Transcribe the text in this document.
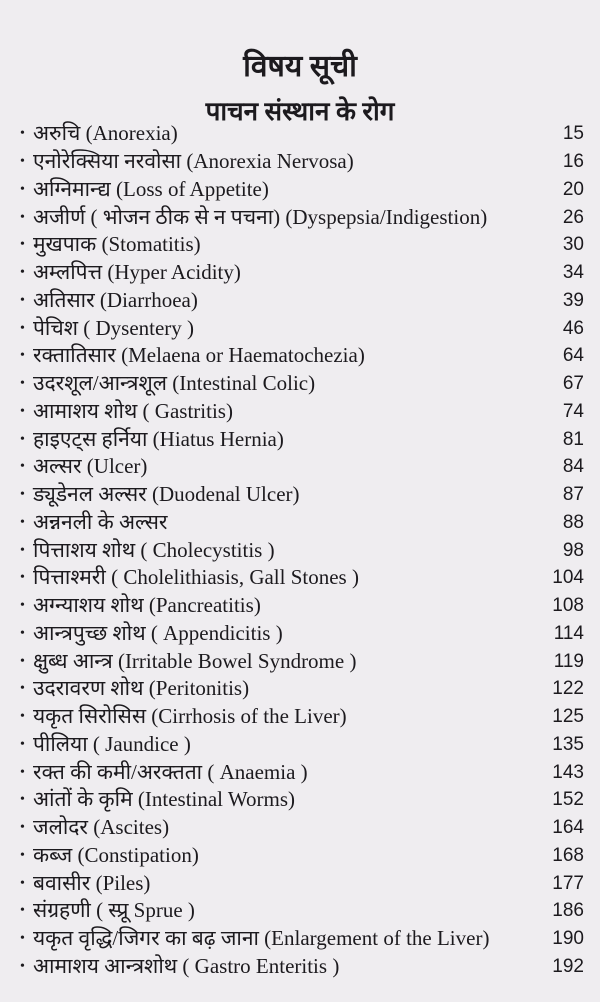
विषय सूची
पाचन संस्थान के रोग
• अरुचि (Anorexia)	15
• एनोरेक्सिया नरवोसा (Anorexia Nervosa)	16
• अग्निमान्द्य (Loss of Appetite)	20
• अजीर्ण ( भोजन ठीक से न पचना) (Dyspepsia/Indigestion)	26
• मुखपाक (Stomatitis)	30
• अम्लपित्त (Hyper Acidity)	34
• अतिसार (Diarrhoea)	39
• पेचिश ( Dysentery )	46
• रक्तातिसार (Melaena or Haematochezia)	64
• उदरशूल/आन्त्रशूल (Intestinal Colic)	67
• आमाशय शोथ ( Gastritis)	74
• हाइएट्स हर्निया (Hiatus Hernia)	81
• अल्सर (Ulcer)	84
• ड्यूडेनल अल्सर (Duodenal Ulcer)	87
• अन्ननली के अल्सर	88
• पित्ताशय शोथ ( Cholecystitis )	98
• पित्ताश्मरी ( Cholelithiasis, Gall Stones )	104
• अग्न्याशय शोथ (Pancreatitis)	108
• आन्त्रपुच्छ शोथ ( Appendicitis )	114
• क्षुब्ध आन्त्र (Irritable Bowel Syndrome )	119
• उदरावरण शोथ (Peritonitis)	122
• यकृत सिरोसिस (Cirrhosis of the Liver)	125
• पीलिया ( Jaundice )	135
• रक्त की कमी/अरक्तता ( Anaemia )	143
• आंतों के कृमि (Intestinal Worms)	152
• जलोदर (Ascites)	164
• कब्ज (Constipation)	168
• बवासीर (Piles)	177
• संग्रहणी ( स्प्रू Sprue )	186
• यकृत वृद्धि/जिगर का बढ़ जाना (Enlargement of the Liver)	190
• आमाशय आन्त्रशोथ ( Gastro Enteritis )	192
